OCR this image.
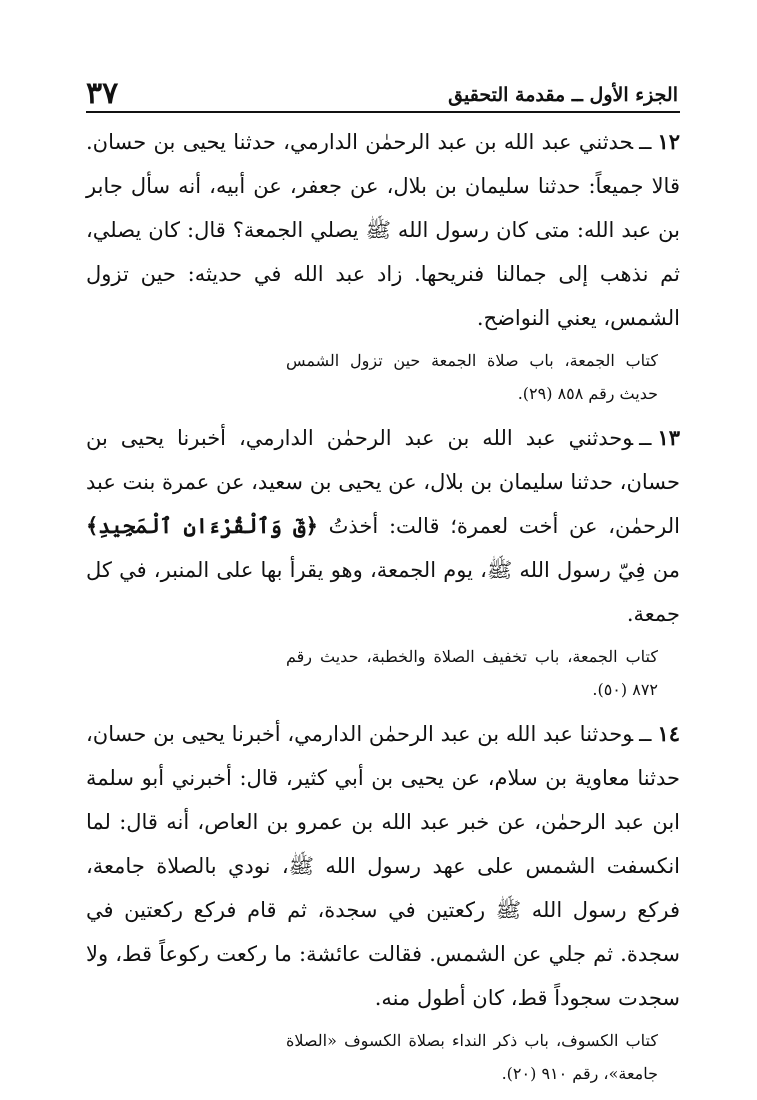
٣٧	الجزء الأول ــ مقدمة التحقيق

١٢ــحدثني عبد الله بن عبد الرحمٰن الدارمي، حدثنا يحيى بن حسان. قالا جميعاً: حدثنا سليمان بن بلال، عن جعفر، عن أبيه، أنه سأل جابر بن عبد الله: متى كان رسول الله ﷺ يصلي الجمعة؟ قال: كان يصلي، ثم نذهب إلى جمالنا فنريحها. زاد عبد الله في حديثه: حين تزول الشمس، يعني النواضح.

كتاب الجمعة، باب صلاة الجمعة حين تزول الشمس حديث رقم ٨٥٨ (٢٩).

١٣ــوحدثني عبد الله بن عبد الرحمٰن الدارمي، أخبرنا يحيى بن حسان، حدثنا سليمان بن بلال، عن يحيى بن سعيد، عن عمرة بنت عبد الرحمٰن، عن أخت لعمرة؛ قالت: أخذتُ ﴿قٓ وَٱلْقُرْءَانِ ٱلْمَجِيدِ﴾ من فِيّ رسول الله ﷺ، يوم الجمعة، وهو يقرأ بها على المنبر، في كل جمعة.

كتاب الجمعة، باب تخفيف الصلاة والخطبة، حديث رقم ٨٧٢ (٥٠).

١٤ــوحدثنا عبد الله بن عبد الرحمٰن الدارمي، أخبرنا يحيى بن حسان، حدثنا معاوية بن سلام، عن يحيى بن أبي كثير، قال: أخبرني أبو سلمة ابن عبد الرحمٰن، عن خبر عبد الله بن عمرو بن العاص، أنه قال: لما انكسفت الشمس على عهد رسول الله ﷺ، نودي بالصلاة جامعة، فركع رسول الله ﷺ ركعتين في سجدة، ثم قام فركع ركعتين في سجدة. ثم جلي عن الشمس. فقالت عائشة: ما ركعت ركوعاً قط، ولا سجدت سجوداً قط، كان أطول منه.

كتاب الكسوف، باب ذكر النداء بصلاة الكسوف «الصلاة جامعة»، رقم ٩١٠ (٢٠).
